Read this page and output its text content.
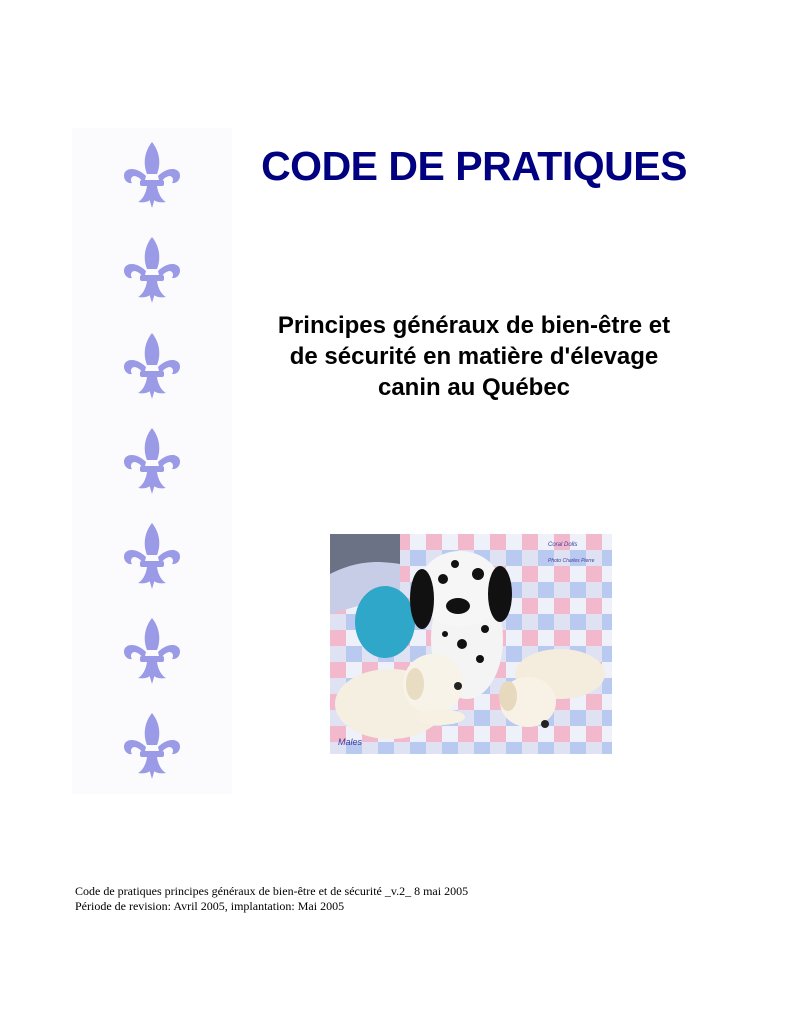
CODE DE PRATIQUES
Principes généraux de bien-être et
de sécurité en matière d'élevage
canin au Québec
Coral Dolls
Photo Charles Pierre
Males
Code de pratiques principes généraux de bien-être et de sécurité _v.2_ 8 mai 2005
Période de revision: Avril 2005, implantation: Mai 2005
